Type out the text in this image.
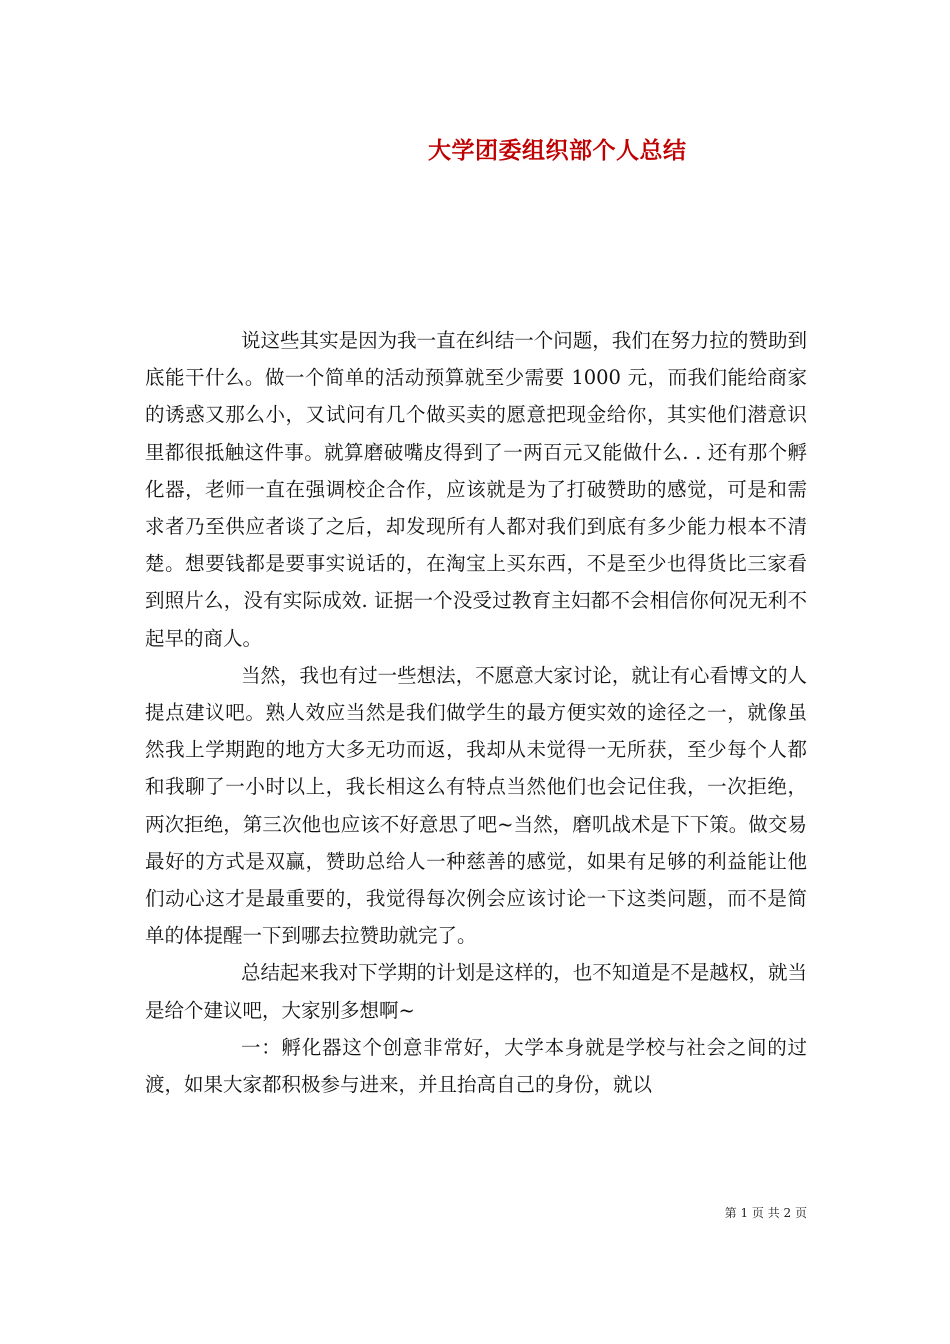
大学团委组织部个人总结

说这些其实是因为我一直在纠结一个问题，我们在努力拉的赞助到底能干什么。做一个简单的活动预算就至少需要 1000 元，而我们能给商家的诱惑又那么小，又试问有几个做买卖的愿意把现金给你，其实他们潜意识里都很抵触这件事。就算磨破嘴皮得到了一两百元又能做什么. . 还有那个孵化器，老师一直在强调校企合作，应该就是为了打破赞助的感觉，可是和需求者乃至供应者谈了之后，却发现所有人都对我们到底有多少能力根本不清楚。想要钱都是要事实说话的，在淘宝上买东西，不是至少也得货比三家看到照片么，没有实际成效. 证据一个没受过教育主妇都不会相信你何况无利不起早的商人。

当然，我也有过一些想法，不愿意大家讨论，就让有心看博文的人提点建议吧。熟人效应当然是我们做学生的最方便实效的途径之一，就像虽然我上学期跑的地方大多无功而返，我却从未觉得一无所获，至少每个人都和我聊了一小时以上，我长相这么有特点当然他们也会记住我，一次拒绝，两次拒绝，第三次他也应该不好意思了吧~当然，磨叽战术是下下策。做交易最好的方式是双赢，赞助总给人一种慈善的感觉，如果有足够的利益能让他们动心这才是最重要的，我觉得每次例会应该讨论一下这类问题，而不是简单的体提醒一下到哪去拉赞助就完了。

总结起来我对下学期的计划是这样的，也不知道是不是越权，就当是给个建议吧，大家别多想啊~

一：孵化器这个创意非常好，大学本身就是学校与社会之间的过渡，如果大家都积极参与进来，并且抬高自己的身份，就以

第 1 页 共 2 页
